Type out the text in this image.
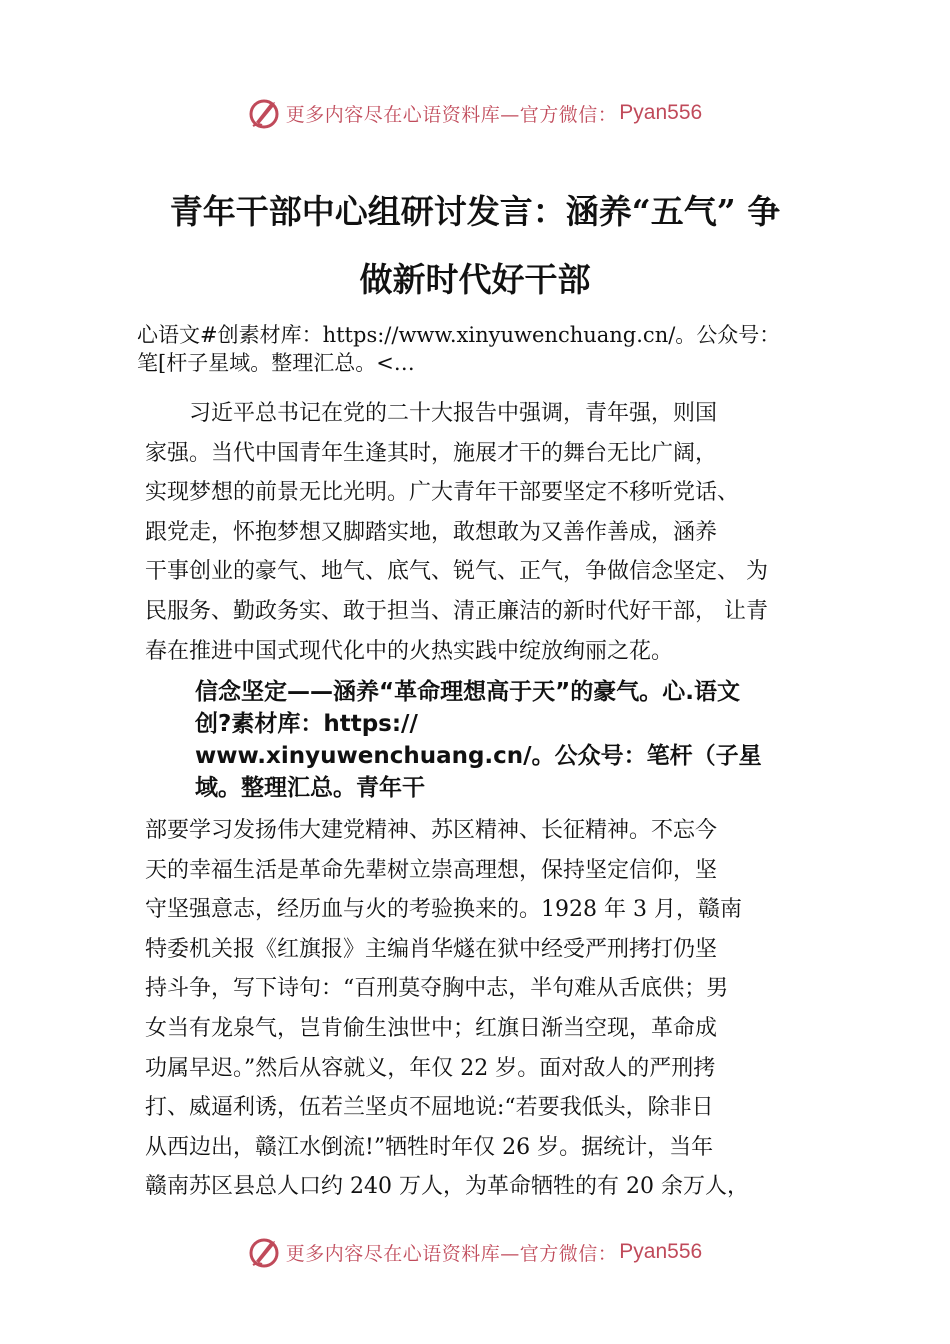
更多内容尽在心语资料库—官方微信： Pyan556
青年干部中心组研讨发言：涵养“五气” 争
做新时代好干部
心语文#创素材库：https://www.xinyuwenchuang.cn/。公众号：
笔[杆子星域。整理汇总。<…
　　习近平总书记在党的二十大报告中强调，青年强，则国
家强。当代中国青年生逢其时，施展才干的舞台无比广阔，
实现梦想的前景无比光明。广大青年干部要坚定不移听党话、
跟党走，怀抱梦想又脚踏实地，敢想敢为又善作善成，涵养
干事创业的豪气、地气、底气、锐气、正气，争做信念坚定、 为
民服务、勤政务实、敢于担当、清正廉洁的新时代好干部， 让青
春在推进中国式现代化中的火热实践中绽放绚丽之花。
信念坚定——涵养“革命理想高于天”的豪气。心.语文
创?素材库：https://
www.xinyuwenchuang.cn/。公众号：笔杆（子星
域。整理汇总。青年干
部要学习发扬伟大建党精神、苏区精神、长征精神。不忘今
天的幸福生活是革命先辈树立崇高理想，保持坚定信仰，坚
守坚强意志，经历血与火的考验换来的。1928 年 3 月，赣南
特委机关报《红旗报》主编肖华燧在狱中经受严刑拷打仍坚
持斗争，写下诗句：“百刑莫夺胸中志，半句难从舌底供；男
女当有龙泉气，岂肯偷生浊世中；红旗日渐当空现，革命成
功属早迟。”然后从容就义，年仅 22 岁。面对敌人的严刑拷
打、威逼利诱，伍若兰坚贞不屈地说:“若要我低头，除非日
从西边出，赣江水倒流!”牺牲时年仅 26 岁。据统计，当年
赣南苏区县总人口约 240 万人，为革命牺牲的有 20 余万人，
更多内容尽在心语资料库—官方微信： Pyan556
